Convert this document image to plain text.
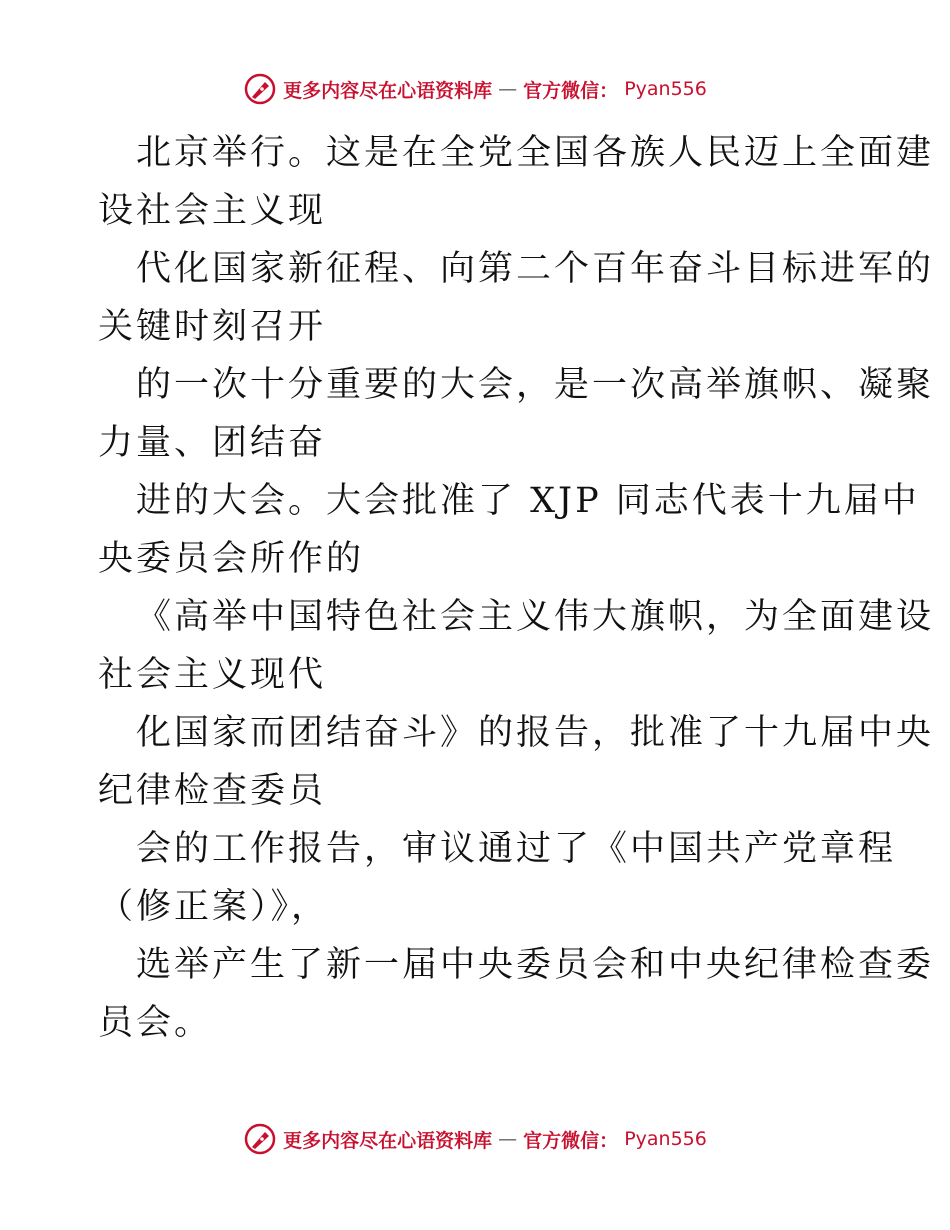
更多内容尽在心语资料库 — 官方微信： Pyan556
北京举行。这是在全党全国各族人民迈上全面建
设社会主义现
代化国家新征程、向第二个百年奋斗目标进军的
关键时刻召开
的一次十分重要的大会，是一次高举旗帜、凝聚
力量、团结奋
进的大会。大会批准了 XJP 同志代表十九届中
央委员会所作的
《高举中国特色社会主义伟大旗帜，为全面建设
社会主义现代
化国家而团结奋斗》的报告，批准了十九届中央
纪律检查委员
会的工作报告，审议通过了《中国共产党章程
（修正案）》，
选举产生了新一届中央委员会和中央纪律检查委
员会。
更多内容尽在心语资料库 — 官方微信： Pyan556
